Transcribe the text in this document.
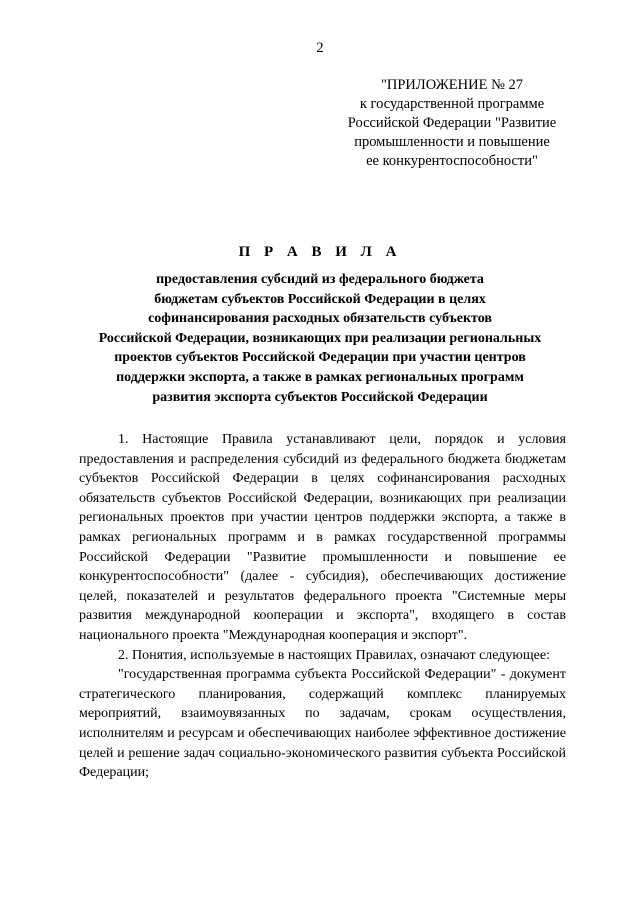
2
"ПРИЛОЖЕНИЕ № 27
к государственной программе
Российской Федерации "Развитие
промышленности и повышение
ее конкурентоспособности"
П Р А В И Л А
предоставления субсидий из федерального бюджета
бюджетам субъектов Российской Федерации в целях
софинансирования расходных обязательств субъектов
Российской Федерации, возникающих при реализации региональных
проектов субъектов Российской Федерации при участии центров
поддержки экспорта, а также в рамках региональных программ
развития экспорта субъектов Российской Федерации

1. Настоящие Правила устанавливают цели, порядок и условия предоставления и распределения субсидий из федерального бюджета бюджетам субъектов Российской Федерации в целях софинансирования расходных обязательств субъектов Российской Федерации, возникающих при реализации региональных проектов при участии центров поддержки экспорта, а также в рамках региональных программ и в рамках государственной программы Российской Федерации "Развитие промышленности и повышение ее конкурентоспособности" (далее - субсидия), обеспечивающих достижение целей, показателей и результатов федерального проекта "Системные меры развития международной кооперации и экспорта", входящего в состав национального проекта "Международная кооперация и экспорт".

2. Понятия, используемые в настоящих Правилах, означают следующее:

"государственная программа субъекта Российской Федерации" - документ стратегического планирования, содержащий комплекс планируемых мероприятий, взаимоувязанных по задачам, срокам осуществления, исполнителям и ресурсам и обеспечивающих наиболее эффективное достижение целей и решение задач социально-экономического развития субъекта Российской Федерации;
